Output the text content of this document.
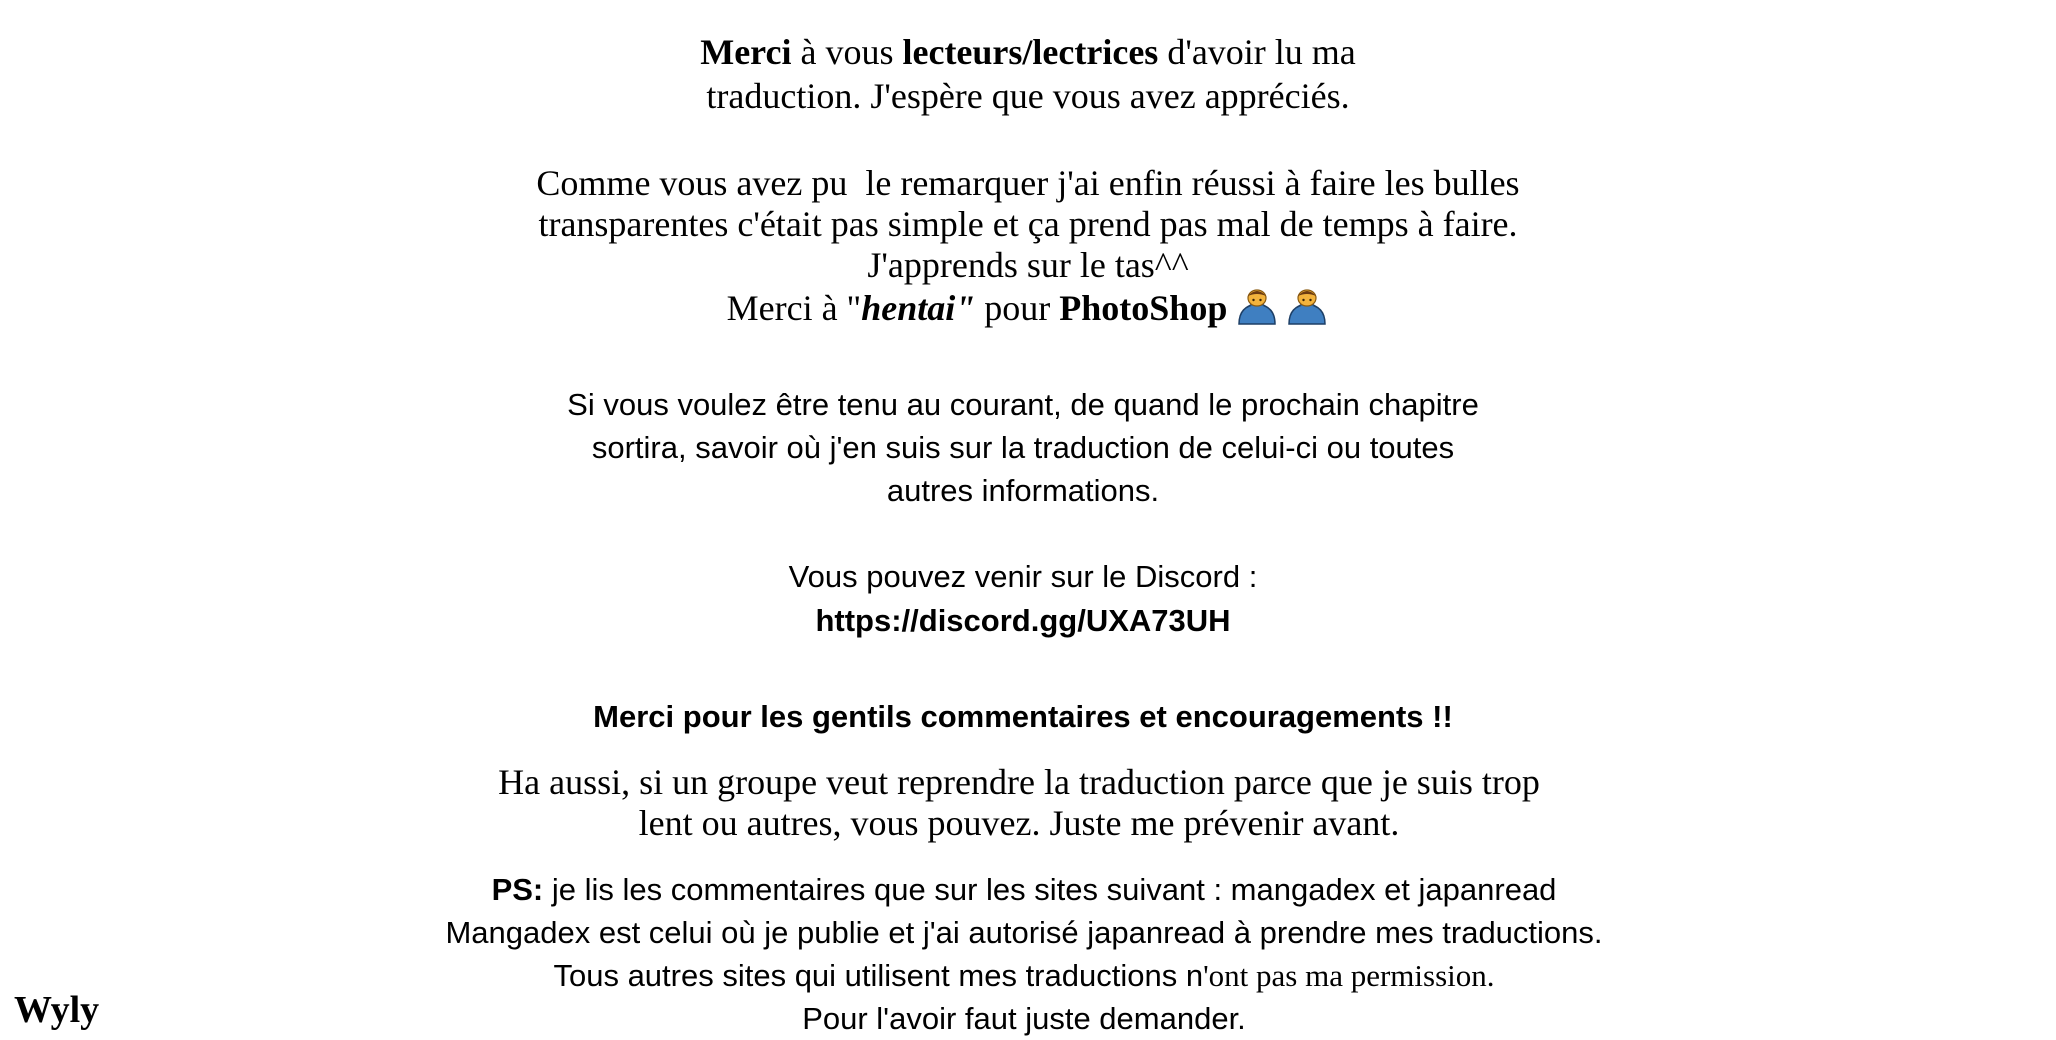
Merci à vous lecteurs/lectrices d'avoir lu ma
traduction. J'espère que vous avez appréciés.
Comme vous avez pu  le remarquer j'ai enfin réussi à faire les bulles
transparentes c'était pas simple et ça prend pas mal de temps à faire.
J'apprends sur le tas^^
Merci à "hentai" pour PhotoShop
Si vous voulez être tenu au courant, de quand le prochain chapitre
sortira, savoir où j'en suis sur la traduction de celui-ci ou toutes
autres informations.
Vous pouvez venir sur le Discord :
https://discord.gg/UXA73UH
Merci pour les gentils commentaires et encouragements !!
Ha aussi, si un groupe veut reprendre la traduction parce que je suis trop
lent ou autres, vous pouvez. Juste me prévenir avant.
PS: je lis les commentaires que sur les sites suivant : mangadex et japanread
Mangadex est celui où je publie et j'ai autorisé japanread à prendre mes traductions.
Tous autres sites qui utilisent mes traductions n'ont pas ma permission.
Pour l'avoir faut juste demander.

Wyly
